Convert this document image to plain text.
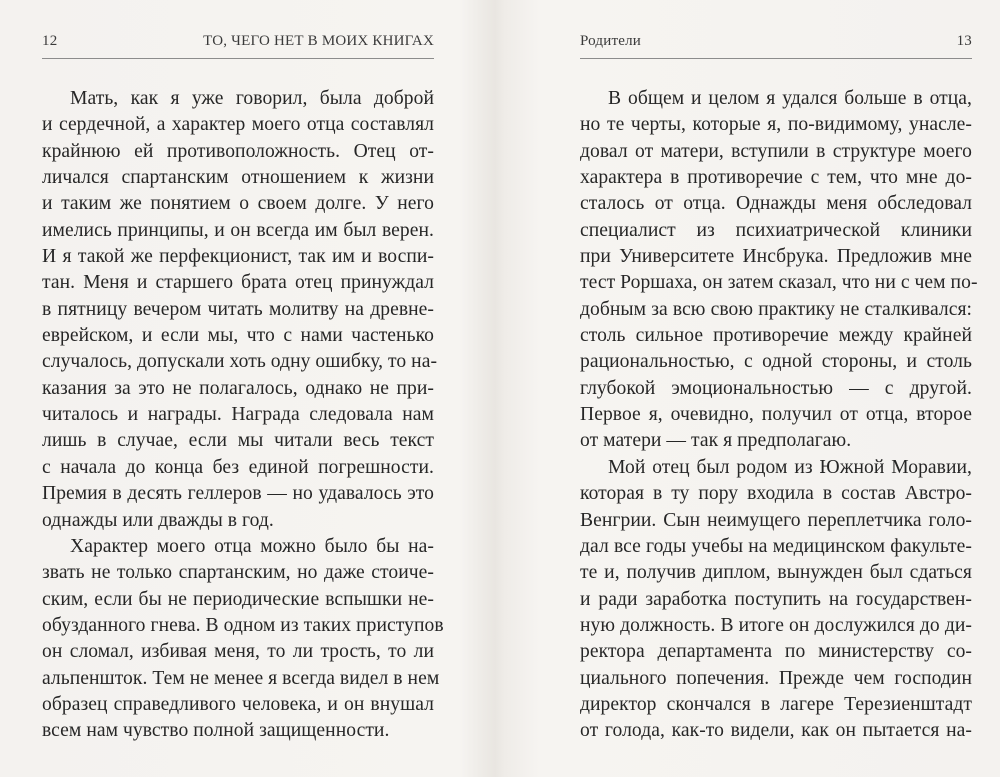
12	ТО, ЧЕГО НЕТ В МОИХ КНИГАХ
Мать, как я уже говорил, была доброй
и сердечной, а характер моего отца составлял
крайнюю ей противоположность. Отец от-
личался спартанским отношением к жизни
и таким же понятием о своем долге. У него
имелись принципы, и он всегда им был верен.
И я такой же перфекционист, так им и воспи-
тан. Меня и старшего брата отец принуждал
в пятницу вечером читать молитву на древне-
еврейском, и если мы, что с нами частенько
случалось, допускали хоть одну ошибку, то на-
казания за это не полагалось, однако не при-
читалось и награды. Награда следовала нам
лишь в случае, если мы читали весь текст
с начала до конца без единой погрешности.
Премия в десять геллеров — но удавалось это
однажды или дважды в год.
Характер моего отца можно было бы на-
звать не только спартанским, но даже стоиче-
ским, если бы не периодические вспышки не-
обузданного гнева. В одном из таких приступов
он сломал, избивая меня, то ли трость, то ли
альпеншток. Тем не менее я всегда видел в нем
образец справедливого человека, и он внушал
всем нам чувство полной защищенности.
Родители	13
В общем и целом я удался больше в отца,
но те черты, которые я, по-видимому, унасле-
довал от матери, вступили в структуре моего
характера в противоречие с тем, что мне до-
сталось от отца. Однажды меня обследовал
специалист из психиатрической клиники
при Университете Инсбрука. Предложив мне
тест Роршаха, он затем сказал, что ни с чем по-
добным за всю свою практику не сталкивался:
столь сильное противоречие между крайней
рациональностью, с одной стороны, и столь
глубокой эмоциональностью — с другой.
Первое я, очевидно, получил от отца, второе
от матери — так я предполагаю.
Мой отец был родом из Южной Моравии,
которая в ту пору входила в состав Австро-
Венгрии. Сын неимущего переплетчика голо-
дал все годы учебы на медицинском факульте-
те и, получив диплом, вынужден был сдаться
и ради заработка поступить на государствен-
ную должность. В итоге он дослужился до ди-
ректора департамента по министерству со-
циального попечения. Прежде чем господин
директор скончался в лагере Терезиенштадт
от голода, как-то видели, как он пытается на-
